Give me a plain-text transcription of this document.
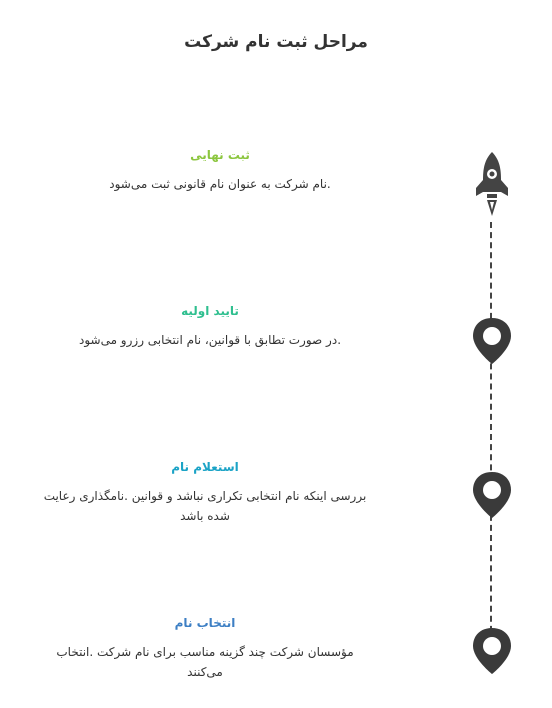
مراحل ثبت نام شرکت
ثبت نهایی
.نام شرکت به عنوان نام قانونی ثبت می‌شود
تایید اولیه
.در صورت تطابق با قوانین، نام انتخابی رزرو می‌شود
استعلام نام
بررسی اینکه نام انتخابی تکراری نباشد و قوانین .نامگذاری رعایت شده باشد
انتخاب نام
مؤسسان شرکت چند گزینه مناسب برای نام شرکت .انتخاب می‌کنند
